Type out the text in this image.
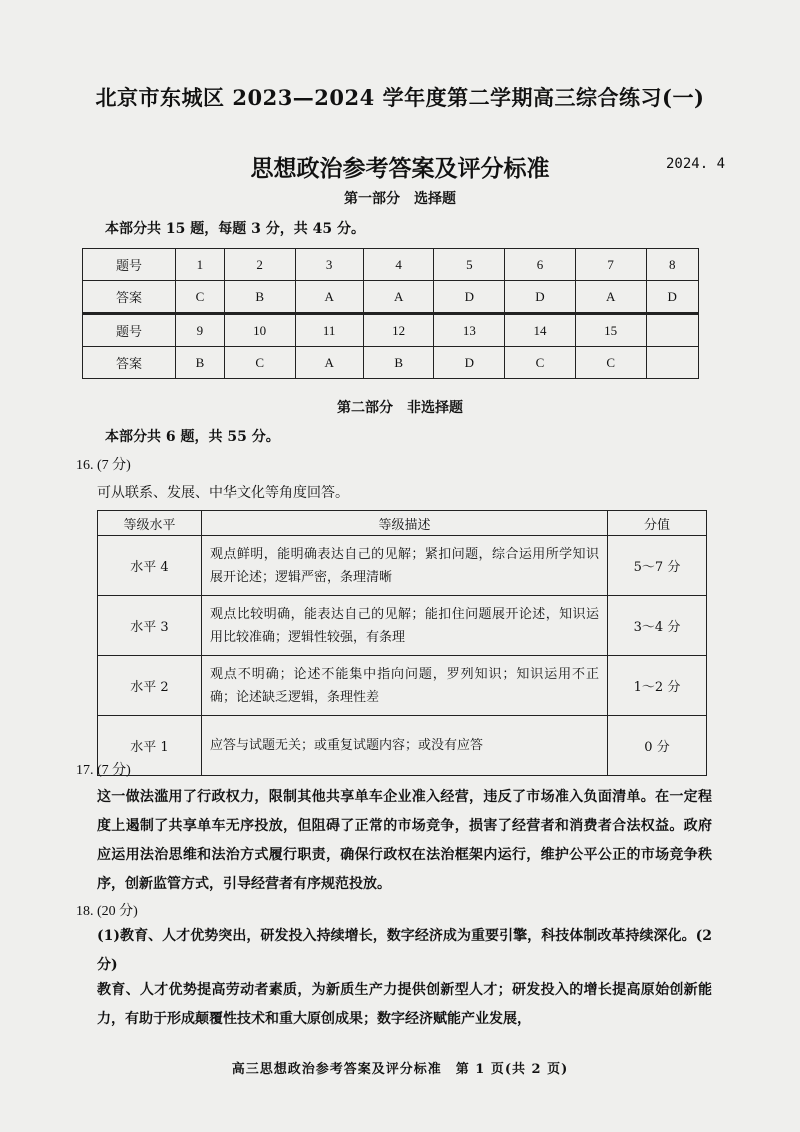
北京市东城区 2023—2024 学年度第二学期高三综合练习(一)
思想政治参考答案及评分标准	2024. 4
第一部分　选择题
本部分共 15 题，每题 3 分，共 45 分。
题号	1	2	3	4	5	6	7	8
答案	C	B	A	A	D	D	A	D
题号	9	10	11	12	13	14	15	
答案	B	C	A	B	D	C	C	
第二部分　非选择题
本部分共 6 题，共 55 分。
16. (7 分)
可从联系、发展、中华文化等角度回答。
等级水平	等级描述	分值
水平 4	观点鲜明，能明确表达自己的见解；紧扣问题，综合运用所学知识展开论述；逻辑严密，条理清晰	5～7 分
水平 3	观点比较明确，能表达自己的见解；能扣住问题展开论述，知识运用比较准确；逻辑性较强，有条理	3～4 分
水平 2	观点不明确；论述不能集中指向问题，罗列知识；知识运用不正确；论述缺乏逻辑，条理性差	1～2 分
水平 1	应答与试题无关；或重复试题内容；或没有应答	0 分
17. (7 分)
这一做法滥用了行政权力，限制其他共享单车企业准入经营，违反了市场准入负面清单。在一定程度上遏制了共享单车无序投放，但阻碍了正常的市场竞争，损害了经营者和消费者合法权益。政府应运用法治思维和法治方式履行职责，确保行政权在法治框架内运行，维护公平公正的市场竞争秩序，创新监管方式，引导经营者有序规范投放。
18. (20 分)
(1)教育、人才优势突出，研发投入持续增长，数字经济成为重要引擎，科技体制改革持续深化。(2 分)
教育、人才优势提高劳动者素质，为新质生产力提供创新型人才；研发投入的增长提高原始创新能力，有助于形成颠覆性技术和重大原创成果；数字经济赋能产业发展，
高三思想政治参考答案及评分标准　第 1 页(共 2 页)
